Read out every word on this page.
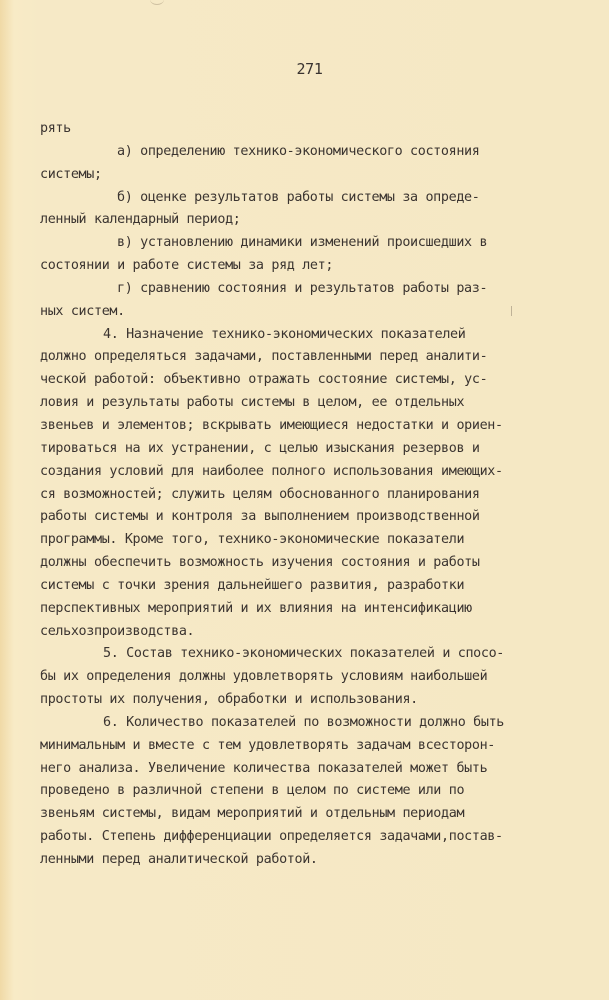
271
рять
а) определению технико-экономического состояния
системы;
б) оценке результатов работы системы за опреде-
ленный календарный период;
в) установлению динамики изменений происшедших в
состоянии и работе системы за ряд лет;
г) сравнению состояния и результатов работы раз-
ных систем.
4. Назначение технико-экономических показателей
должно определяться задачами, поставленными перед аналити-
ческой работой: объективно отражать состояние системы, ус-
ловия и результаты работы системы в целом, ее отдельных
звеньев и элементов; вскрывать имеющиеся недостатки и ориен-
тироваться на их устранении, с целью изыскания резервов и
создания условий для наиболее полного использования имеющих-
ся возможностей; служить целям обоснованного планирования
работы системы и контроля за выполнением производственной
программы. Кроме того, технико-экономические показатели
должны обеспечить возможность изучения состояния и работы
системы с точки зрения дальнейшего развития, разработки
перспективных мероприятий и их влияния на интенсификацию
сельхозпроизводства.
5. Состав технико-экономических показателей и спосо-
бы их определения должны удовлетворять условиям наибольшей
простоты их получения, обработки и использования.
6. Количество показателей по возможности должно быть
минимальным и вместе с тем удовлетворять задачам всесторон-
него анализа. Увеличение количества показателей может быть
проведено в различной степени в целом по системе или по
звеньям системы, видам мероприятий и отдельным периодам
работы. Степень дифференциации определяется задачами,постав-
ленными перед аналитической работой.
